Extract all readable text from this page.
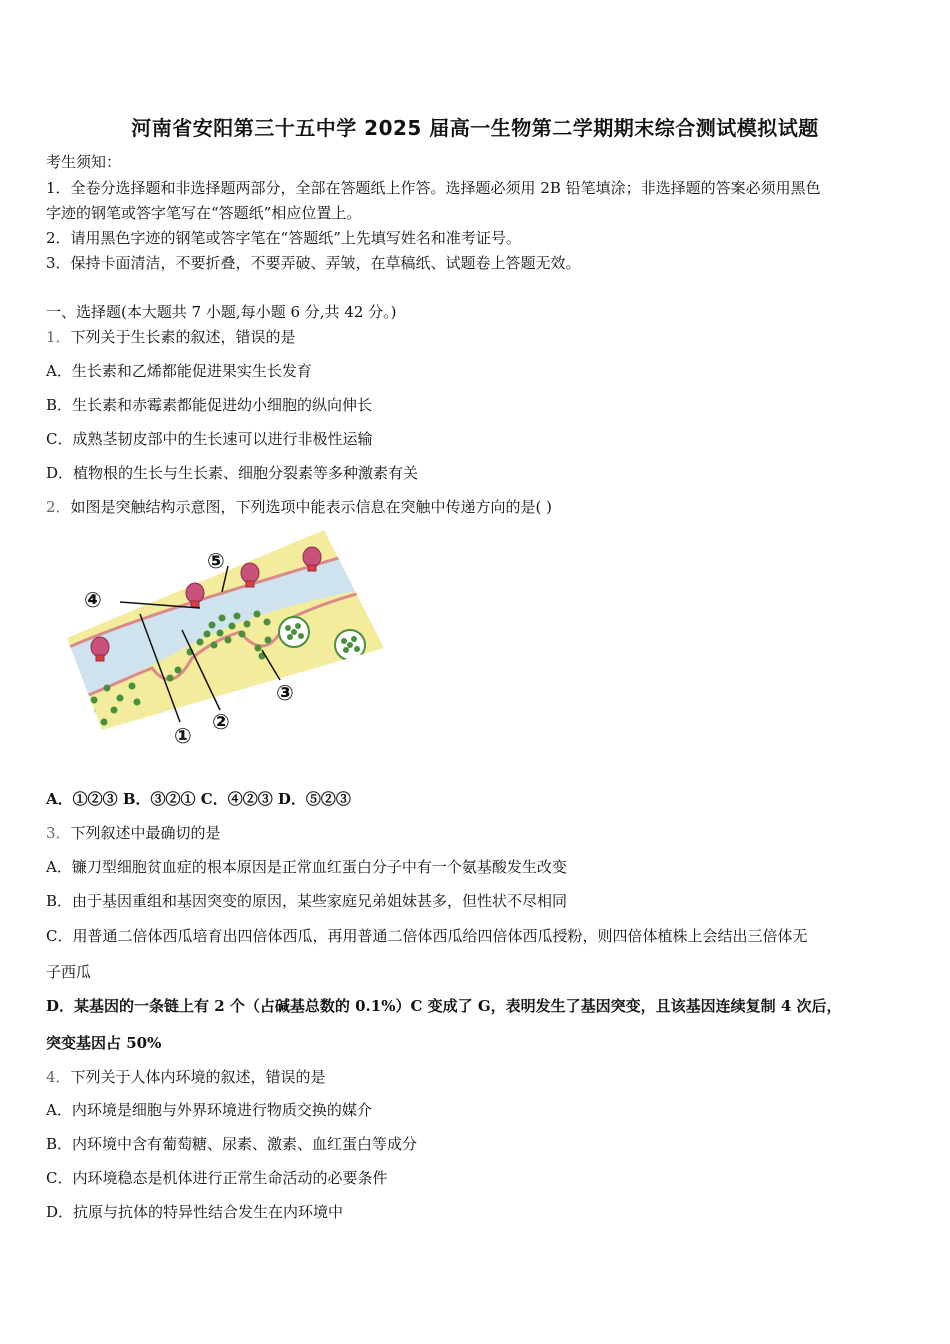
河南省安阳第三十五中学 2025 届高一生物第二学期期末综合测试模拟试题
考生须知：
1．全卷分选择题和非选择题两部分，全部在答题纸上作答。选择题必须用 2B 铅笔填涂；非选择题的答案必须用黑色
字迹的钢笔或答字笔写在“答题纸”相应位置上。
2．请用黑色字迹的钢笔或答字笔在“答题纸”上先填写姓名和准考证号。
3．保持卡面清洁，不要折叠，不要弄破、弄皱，在草稿纸、试题卷上答题无效。
一、选择题(本大题共 7 小题,每小题 6 分,共 42 分。)
1．下列关于生长素的叙述，错误的是
A．生长素和乙烯都能促进果实生长发育
B．生长素和赤霉素都能促进幼小细胞的纵向伸长
C．成熟茎韧皮部中的生长速可以进行非极性运输
D．植物根的生长与生长素、细胞分裂素等多种激素有关
2．如图是突触结构示意图，下列选项中能表示信息在突触中传递方向的是( )
④
⑤
①
②
③
A．①②③ B．③②① C．④②③ D．⑤②③
3．下列叙述中最确切的是
A．镰刀型细胞贫血症的根本原因是正常血红蛋白分子中有一个氨基酸发生改变
B．由于基因重组和基因突变的原因，某些家庭兄弟姐妹甚多，但性状不尽相同
C．用普通二倍体西瓜培育出四倍体西瓜，再用普通二倍体西瓜给四倍体西瓜授粉，则四倍体植株上会结出三倍体无
子西瓜
D．某基因的一条链上有 2 个（占碱基总数的 0.1%）C 变成了 G，表明发生了基因突变，且该基因连续复制 4 次后，
突变基因占 50%
4．下列关于人体内环境的叙述，错误的是
A．内环境是细胞与外界环境进行物质交换的媒介
B．内环境中含有葡萄糖、尿素、激素、血红蛋白等成分
C．内环境稳态是机体进行正常生命活动的必要条件
D．抗原与抗体的特异性结合发生在内环境中
